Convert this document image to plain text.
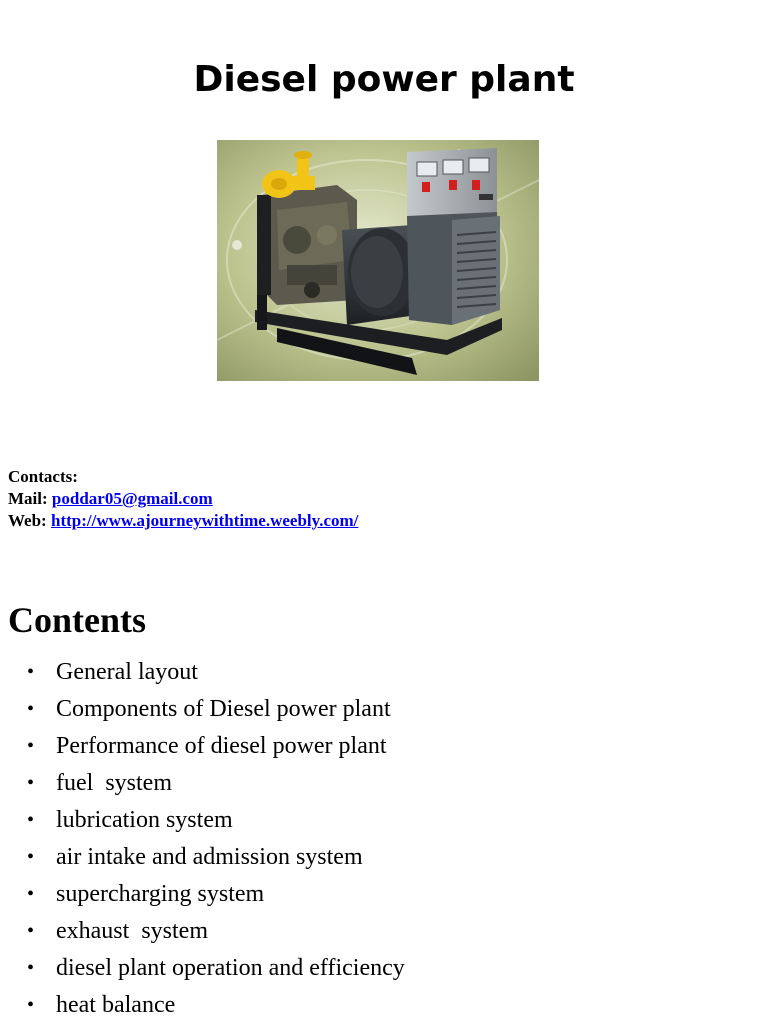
Diesel power plant
Contacts:
Mail: poddar05@gmail.com
Web: http://www.ajourneywithtime.weebly.com/
Contents
• General layout
• Components of Diesel power plant
• Performance of diesel power plant
• fuel  system
• lubrication system
• air intake and admission system
• supercharging system
• exhaust  system
• diesel plant operation and efficiency
• heat balance
